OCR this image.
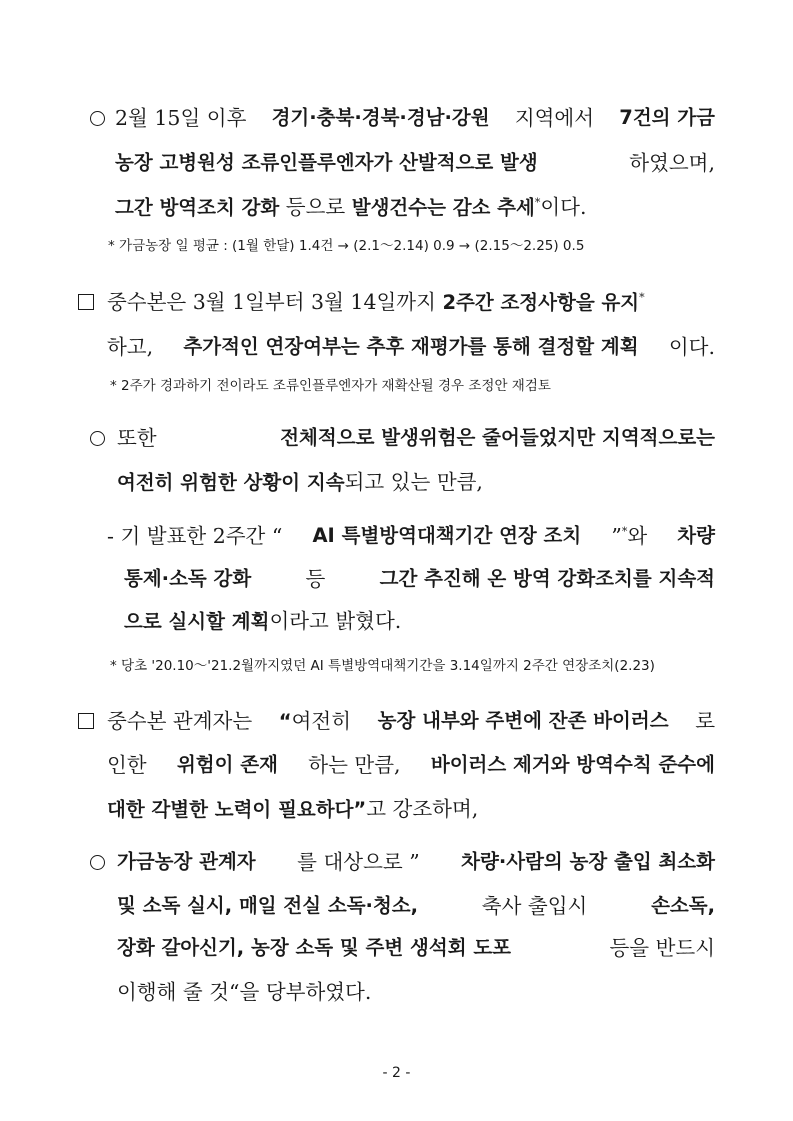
2월 15일 이후 경기·충북·경북·경남·강원 지역에서 7건의 가금
농장 고병원성 조류인플루엔자가 산발적으로 발생	하였으며,
그간 방역조치 강화 등으로 발생건수는 감소 추세*이다.
* 가금농장 일 평균 : (1월 한달) 1.4건 → (2.1～2.14) 0.9 → (2.15～2.25) 0.5
중수본은 3월 1일부터 3월 14일까지 2주간 조정사항을 유지*
하고, 추가적인 연장여부는 추후 재평가를 통해 결정할 계획 이다.
* 2주가 경과하기 전이라도 조류인플루엔자가 재확산될 경우 조정안 재검토
또한	전체적으로 발생위험은 줄어들었지만 지역적으로는
여전히 위험한 상황이 지속되고 있는 만큼,
- 기 발표한 2주간 “ AI 특별방역대책기간 연장 조치 ”*와 차량
통제·소독 강화	등	그간 추진해 온 방역 강화조치를 지속적
으로 실시할 계획이라고 밝혔다.
* 당초 '20.10～'21.2월까지였던 AI 특별방역대책기간을 3.14일까지 2주간 연장조치(2.23)
중수본 관계자는 “여전히 농장 내부와 주변에 잔존 바이러스 로
인한 위험이 존재 하는 만큼, 바이러스 제거와 방역수칙 준수에
대한 각별한 노력이 필요하다”고 강조하며,
가금농장 관계자 를 대상으로 ” 차량·사람의 농장 출입 최소화
및 소독 실시, 매일 전실 소독·청소,	축사 출입시	손소독,
장화 갈아신기, 농장 소독 및 주변 생석회 도포	등을 반드시
이행해 줄 것“을 당부하였다.
- 2 -
